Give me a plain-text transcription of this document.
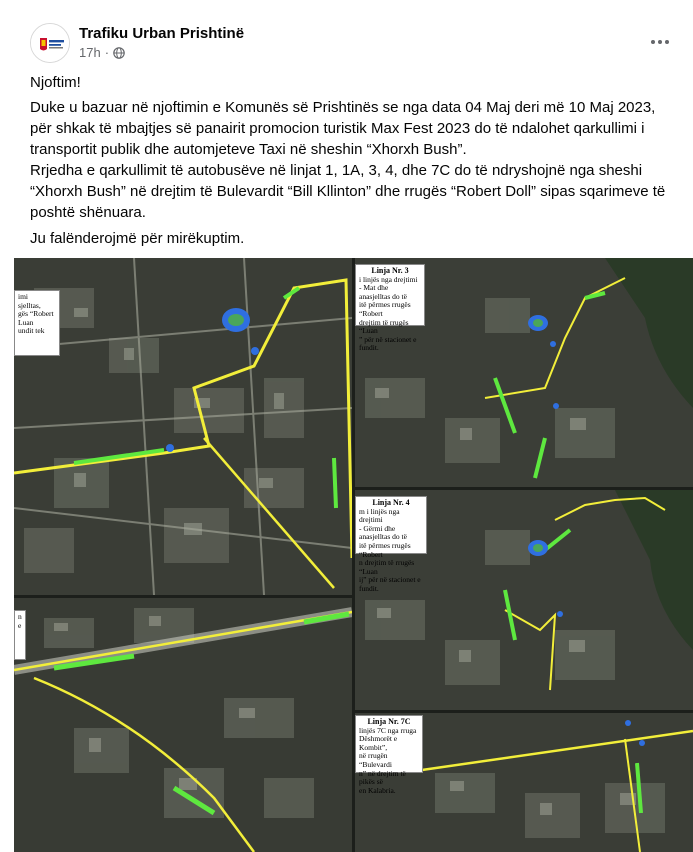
Trafiku Urban Prishtinë
17h ·
Njoftim!
Duke u bazuar në njoftimin e Komunës së Prishtinës se nga data 04 Maj deri më 10 Maj 2023, për shkak të mbajtjes së panairit promocion turistik Max Fest 2023 do të ndalohet qarkullimi i transportit publik dhe automjeteve Taxi në sheshin “Xhorxh Bush”.
Rrjedha e qarkullimit të autobusëve në linjat 1, 1A, 3, 4, dhe 7C do të ndryshojnë nga sheshi “Xhorxh Bush” në drejtim të Bulevardit “Bill Kllinton” dhe rrugës “Robert Doll” sipas sqarimeve të poshtë shënuara.
Ju falënderojmë për mirëkuptim.
imi
sjelltas,
gës “Robert
Luan
undit tek
n
e
Linja Nr. 3
i linjës nga drejtimi
- Mat dhe anasjelltas do të
itë përmes rrugës “Robert
drejtim të rrugës “Luan
” për në stacionet e fundit.
Linja Nr. 4
m i linjës nga drejtimi
- Gërmi dhe anasjelltas do të
itë përmes rrugës “Robert
n drejtim të rrugës “Luan
ij” për në stacionet e fundit.
Linja Nr. 7C
linjës 7C nga rruga
Dëshmorët e Kombit”,
në rrugën “Bulevardi
n” në drejtim të pikës së
en Kalabria.
